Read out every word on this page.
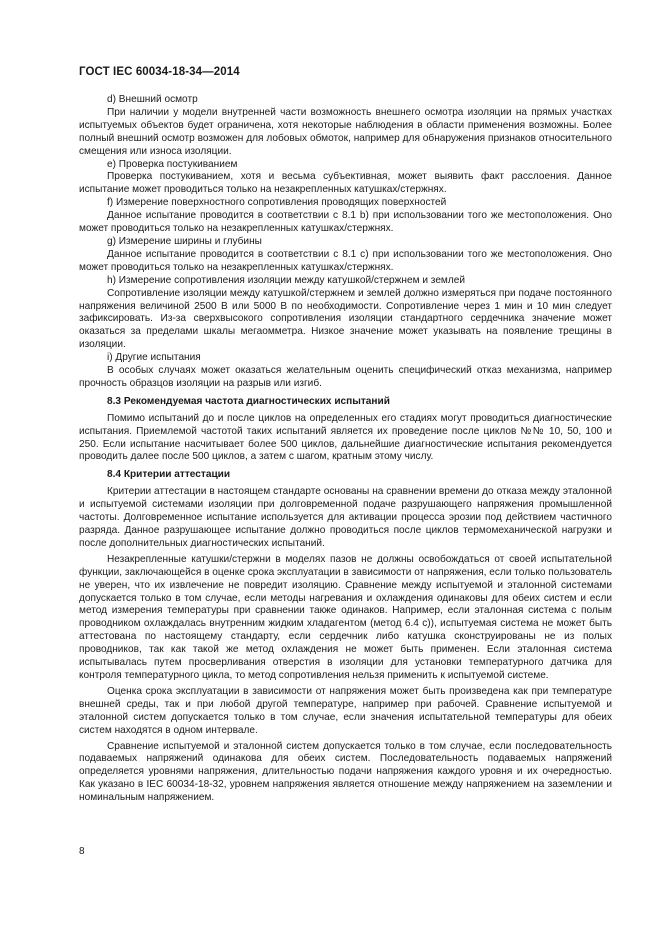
ГОСТ IEC 60034-18-34—2014

d) Внешний осмотр

При наличии у модели внутренней части возможность внешнего осмотра изоляции на прямых участках испытуемых объектов будет ограничена, хотя некоторые наблюдения в области применения возможны. Более полный внешний осмотр возможен для лобовых обмоток, например для обнаружения признаков относительного смещения или износа изоляции.

e) Проверка постукиванием

Проверка постукиванием, хотя и весьма субъективная, может выявить факт расслоения. Данное испытание может проводиться только на незакрепленных катушках/стержнях.

f) Измерение поверхностного сопротивления проводящих поверхностей

Данное испытание проводится в соответствии с 8.1 b) при использовании того же местоположения. Оно может проводиться только на незакрепленных катушках/стержнях.

g) Измерение ширины и глубины

Данное испытание проводится в соответствии с 8.1 c) при использовании того же местоположения. Оно может проводиться только на незакрепленных катушках/стержнях.

h) Измерение сопротивления изоляции между катушкой/стержнем и землей

Сопротивление изоляции между катушкой/стержнем и землей должно измеряться при подаче постоянного напряжения величиной 2500 В или 5000 В по необходимости. Сопротивление через 1 мин и 10 мин следует зафиксировать. Из-за сверхвысокого сопротивления изоляции стандартного сердечника значение может оказаться за пределами шкалы мегаомметра. Низкое значение может указывать на появление трещины в изоляции.

i) Другие испытания

В особых случаях может оказаться желательным оценить специфический отказ механизма, например прочность образцов изоляции на разрыв или изгиб.

8.3 Рекомендуемая частота диагностических испытаний

Помимо испытаний до и после циклов на определенных его стадиях могут проводиться диагностические испытания. Приемлемой частотой таких испытаний является их проведение после циклов №№ 10, 50, 100 и 250. Если испытание насчитывает более 500 циклов, дальнейшие диагностические испытания рекомендуется проводить далее после 500 циклов, а затем с шагом, кратным этому числу.

8.4 Критерии аттестации

Критерии аттестации в настоящем стандарте основаны на сравнении времени до отказа между эталонной и испытуемой системами изоляции при долговременной подаче разрушающего напряжения промышленной частоты. Долговременное испытание используется для активации процесса эрозии под действием частичного разряда. Данное разрушающее испытание должно проводиться после циклов термомеханической нагрузки и после дополнительных диагностических испытаний.

Незакрепленные катушки/стержни в моделях пазов не должны освобождаться от своей испытательной функции, заключающейся в оценке срока эксплуатации в зависимости от напряжения, если только пользователь не уверен, что их извлечение не повредит изоляцию. Сравнение между испытуемой и эталонной системами допускается только в том случае, если методы нагревания и охлаждения одинаковы для обеих систем и если метод измерения температуры при сравнении также одинаков. Например, если эталонная система с полым проводником охлаждалась внутренним жидким хладагентом (метод 6.4 c)), испытуемая система не может быть аттестована по настоящему стандарту, если сердечник либо катушка сконструированы не из полых проводников, так как такой же метод охлаждения не может быть применен. Если эталонная система испытывалась путем просверливания отверстия в изоляции для установки температурного датчика для контроля температурного цикла, то метод сопротивления нельзя применить к испытуемой системе.

Оценка срока эксплуатации в зависимости от напряжения может быть произведена как при температуре внешней среды, так и при любой другой температуре, например при рабочей. Сравнение испытуемой и эталонной систем допускается только в том случае, если значения испытательной температуры для обеих систем находятся в одном интервале.

Сравнение испытуемой и эталонной систем допускается только в том случае, если последовательность подаваемых напряжений одинакова для обеих систем. Последовательность подаваемых напряжений определяется уровнями напряжения, длительностью подачи напряжения каждого уровня и их очередностью. Как указано в IEC 60034-18-32, уровнем напряжения является отношение между напряжением на заземлении и номинальным напряжением.

8
